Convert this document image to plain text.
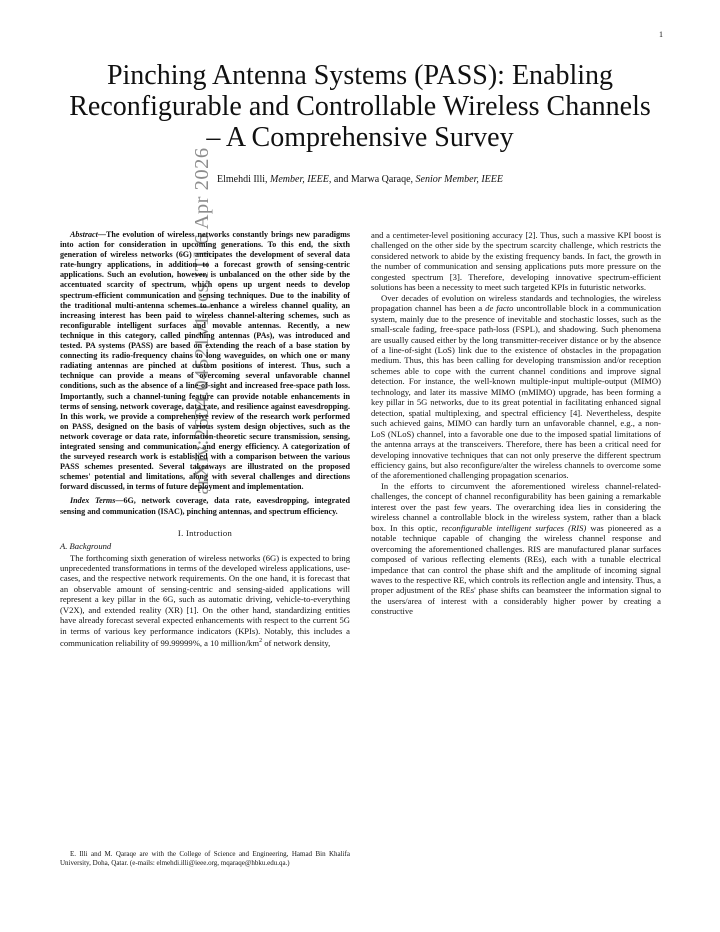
1
arXiv:2604.04521v1
[cs.IT]
6 Apr 2026
Pinching Antenna Systems (PASS): Enabling
Reconfigurable and Controllable Wireless Channels
– A Comprehensive Survey
Elmehdi Illi, Member, IEEE, and Marwa Qaraqe, Senior Member, IEEE

Abstract—The evolution of wireless networks constantly brings new paradigms into action for consideration in upcoming generations. To this end, the sixth generation of wireless networks (6G) anticipates the development of several data rate-hungry applications, in addition to a forecast growth of sensing-centric applications. Such an evolution, however, is unbalanced on the other side by the accentuated scarcity of spectrum, which opens up urgent needs to develop spectrum-efficient communication and sensing techniques. Due to the inability of the traditional multi-antenna schemes to enhance a wireless channel quality, an increasing interest has been paid to wireless channel-altering schemes, such as reconfigurable intelligent surfaces and movable antennas. Recently, a new technique in this category, called pinching antennas (PAs), was introduced and tested. PA systems (PASS) are based on extending the reach of a base station by connecting its radio-frequency chains to long waveguides, on which one or many radiating antennas are pinched at custom positions of interest. Thus, such a technique can provide a means of overcoming several unfavorable channel conditions, such as the absence of a line-of-sight and increased free-space path loss. Importantly, such a channel-tuning feature can provide notable enhancements in terms of sensing, network coverage, data rate, and resilience against eavesdropping. In this work, we provide a comprehensive review of the research work performed on PASS, designed on the basis of various system design objectives, such as the network coverage or data rate, information-theoretic secure transmission, sensing, integrated sensing and communication, and energy efficiency. A categorization of the surveyed research work is established with a comparison between the various PASS schemes presented. Several takeaways are illustrated on the proposed schemes' potential and limitations, along with several challenges and directions forward discussed, in terms of future deployment and implementation.

Index Terms—6G, network coverage, data rate, eavesdropping, integrated sensing and communication (ISAC), pinching antennas, and spectrum efficiency.

I. Introduction
A. Background

The forthcoming sixth generation of wireless networks (6G) is expected to bring unprecedented transformations in terms of the developed wireless applications, use-cases, and the respective network requirements. On the one hand, it is forecast that an observable amount of sensing-centric and sensing-aided applications will represent a key pillar in the 6G, such as automatic driving, vehicle-to-everything (V2X), and extended reality (XR) [1]. On the other hand, standardizing entities have already forecast several expected enhancements with respect to the current 5G in terms of various key performance indicators (KPIs). Notably, this includes a communication reliability of 99.99999%, a 10 million/$km^2$ of network density,

and a centimeter-level positioning accuracy [2]. Thus, such a massive KPI boost is challenged on the other side by the spectrum scarcity challenge, which restricts the considered network to abide by the existing frequency bands. In fact, the growth in the number of communication and sensing applications puts more pressure on the congested spectrum [3]. Therefore, developing innovative spectrum-efficient solutions has been a necessity to meet such targeted KPIs in futuristic networks.

Over decades of evolution on wireless standards and technologies, the wireless propagation channel has been a de facto uncontrollable block in a communication system, mainly due to the presence of inevitable and stochastic losses, such as the small-scale fading, free-space path-loss (FSPL), and shadowing. Such phenomena are usually caused either by the long transmitter-receiver distance or by the absence of a line-of-sight (LoS) link due to the existence of obstacles in the propagation medium. Thus, this has been calling for developing transmission and/or reception schemes able to cope with the current channel conditions and improve signal detection. For instance, the well-known multiple-input multiple-output (MIMO) technology, and later its massive MIMO (mMIMO) upgrade, has been forming a key pillar in 5G networks, due to its great potential in facilitating enhanced signal detection, spatial multiplexing, and spectral efficiency [4]. Nevertheless, despite such achieved gains, MIMO can hardly turn an unfavorable channel, e.g., a non-LoS (NLoS) channel, into a favorable one due to the imposed spatial limitations of the antenna arrays at the transceivers. Therefore, there has been a critical need for developing innovative techniques that can not only preserve the different spectrum efficiency gains, but also reconfigure/alter the wireless channels to overcome some of the aforementioned challenging propagation scenarios.

In the efforts to circumvent the aforementioned wireless channel-related-challenges, the concept of channel reconfigurability has been gaining a remarkable interest over the past few years. The overarching idea lies in considering the wireless channel a controllable block in the wireless system, rather than a black box. In this optic, reconfigurable intelligent surfaces (RIS) was pioneered as a notable technique capable of changing the wireless channel response and overcoming the aforementioned challenges. RIS are manufactured planar surfaces composed of various reflecting elements (REs), each with a tunable electrical impedance that can control the phase shift and the amplitude of incoming signal waves to the respective RE, which controls its reflection angle and intensity. Thus, a proper adjustment of the REs' phase shifts can beamsteer the information signal to the users/area of interest with a considerably higher power by creating a constructive

E. Illi and M. Qaraqe are with the College of Science and Engineering, Hamad Bin Khalifa University, Doha, Qatar. (e-mails: elmehdi.illi@ieee.org, mqaraqe@hbku.edu.qa.)
